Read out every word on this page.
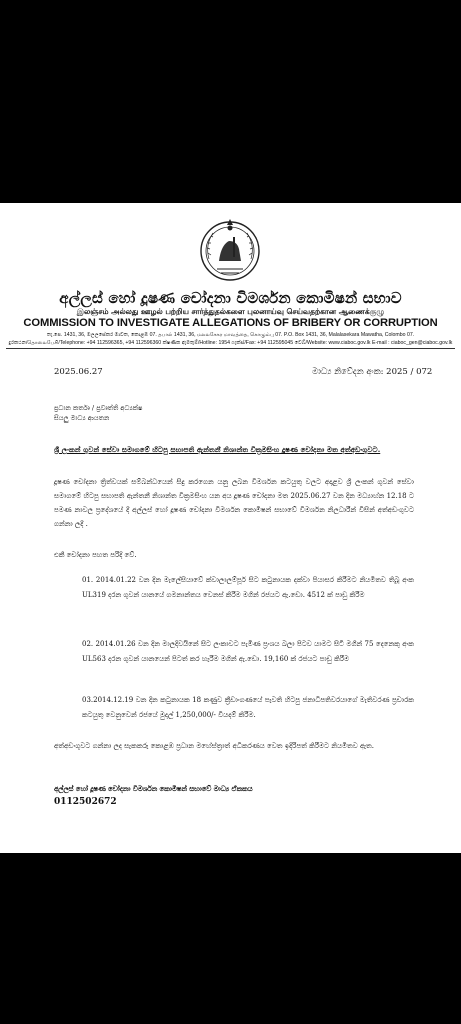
අල්ලස් හෝ දූෂණ චෝදනා විමර්ශන කොමිෂන් සභාව
இலஞ்சம் அல்லது ஊழல் பற்றிய சார்த்துதல்களை புலனாய்வு செய்வதற்கான ஆணைக்குழு
COMMISSION TO INVESTIGATE ALLEGATIONS OF BRIBERY OR CORRUPTION
තැ.පෙ. 1431, 36, මලලසේකර මාවත, කොළඹ 07. தபால் 1431, 36, மலலசேகர மாவத்தை, கொழும்பு 07. P.O. Box 1431, 36, Malalasekara Mawatha, Colombo 07.
දුරකථන/தொலைபேசி/Telephone: +94 112596365, +94 112596360 ක්ෂණික ඇමතුම්/Hotline: 1954 ෆැක්ස්/Fax: +94 112595045 වෙබ්/Website: www.ciaboc.gov.lk E-mail : ciaboc_gen@ciaboc.gov.lk
2025.06.27	මාධ්‍ය නිවේදන අංක: 2025 / 072
ප්‍රධාන කර්තෘ / ප්‍රවෘත්ති අධ්‍යක්ෂ
සියලු මාධ්‍ය ආයතන
ශ්‍රී ලංකන් ගුවන් සේවා සමාගමේ හිටපු සභාපති ඇන්තනී නිශාන්ත වික්‍රමසිංහ දූෂණ චෝදනා මත අත්අඩංගුවට.
දූෂණ චෝදනා ත්‍රිත්වයක් සම්බන්ධයෙන් සිදු කරගෙන යනු ලබන විමර්ශන කටයුතු වලට අදාළව ශ්‍රී ලංකන් ගුවන් සේවා සමාගමේ හිටපු සභාපති ඇන්තනී නිශාන්ත වික්‍රමසිංහ යන අය දූෂණ චෝදනා මත 2025.06.27 වන දින මධ්‍යාහ්න 12.18 ට පමණ නාවල ප්‍රදේශයේ දී අල්ලස් හෝ දූෂණ චෝදනා විමර්ශන කොමිෂන් සභාවේ විමර්ශන නිලධාරීන් විසින් අත්අඩංගුවට ගන්නා ලදී .
එකී චෝදනා පහත පරිදි වේ.
01. 2014.01.22 වන දින මැලේසියාවේ ක්වාලාලම්පූර් සිට කටුනායක දක්වා පියාසර කිරීමට නියමිතව තිබූ අංක UL319 දරන ගුවන් යානයේ ගමනාන්තය වෙනස් කිරීම මගින් රජයට ඇ.ඩො. 4512 ක් පාඩු කිරීම
02. 2014.01.26 වන දින මාලදිවයිනේ සිට ලංකාවට පැමිණ ප්‍රංශය බලා පිටව යාමට සිටි මගීන් 75 දෙනෙකු අංක UL563 දරන ගුවන් යානයෙන් පිටත් කර හැරීම මගින් ඇ.ඩො. 19,160 ක් රජයට පාඩු කිරීම
03.2014.12.19 වන දින කටුනායක 18 කණුව ක්‍රීඩාංගණයේ පැවති හිටපු ජනාධිපතිවරයාගේ මැතිවරණ ප්‍රචාරක කටයුතු වෙනුවෙන් රජයේ මුදල් 1,250,000/- වියදම් කිරීම.
අත්අඩංගුවට ගන්නා ලද සැකකරු කොළඹ ප්‍රධාන මහේස්ත්‍රාත් අධිකරණය වෙත ඉදිරිපත් කිරීමට නියමිතව ඇත.
අල්ලස් හෝ දූෂණ චෝදනා විමර්ශන කොමිෂන් සභාවේ මාධ්‍ය ඒකකය
0112502672
